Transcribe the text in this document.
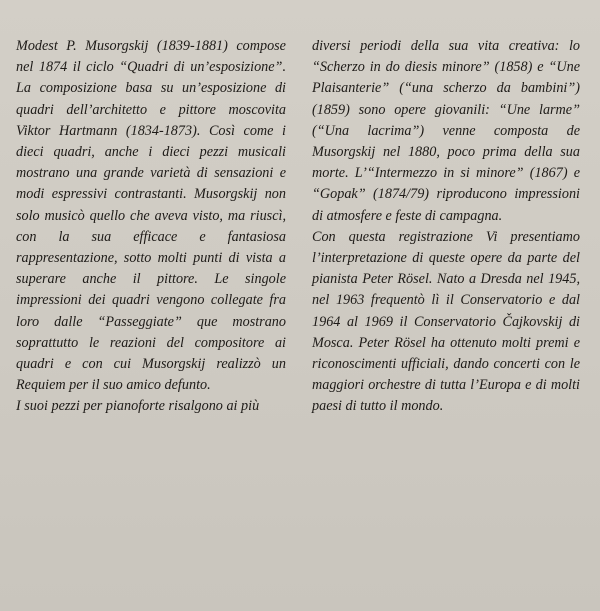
Modest P. Musorgskij (1839-1881) compose nel 1874 il ciclo “Quadri di un’esposizione”. La composizione basa su un’esposizione di quadri dell’architetto e pittore moscovita Viktor Hartmann (1834-1873). Così come i dieci quadri, anche i dieci pezzi musicali mostrano una grande varietà di sensazioni e modi espressivi contrastanti. Musorgskij non solo musicò quello che aveva visto, ma riuscì, con la sua efficace e fantasiosa rappresentazione, sotto molti punti di vista a superare anche il pittore. Le singole impressioni dei quadri vengono collegate fra loro dalle “Passeggiate” que mostrano soprattutto le reazioni del compositore ai quadri e con cui Musorgskij realizzò un Requiem per il suo amico defunto.

I suoi pezzi per pianoforte risalgono ai più

diversi periodi della sua vita creativa: lo “Scherzo in do diesis minore” (1858) e “Une Plaisanterie” (“una scherzo da bambini”) (1859) sono opere giovanili: “Une larme” (“Una lacrima”) venne composta de Musorgskij nel 1880, poco prima della sua morte. L’“Intermezzo in si minore” (1867) e “Gopak” (1874/79) riproducono impressioni di atmosfere e feste di campagna.

Con questa registrazione Vi presentiamo l’interpretazione di queste opere da parte del pianista Peter Rösel. Nato a Dresda nel 1945, nel 1963 frequentò lì il Conservatorio e dal 1964 al 1969 il Conservatorio Čajkovskij di Mosca. Peter Rösel ha ottenuto molti premi e riconoscimenti ufficiali, dando concerti con le maggiori orchestre di tutta l’Europa e di molti paesi di tutto il mondo.
